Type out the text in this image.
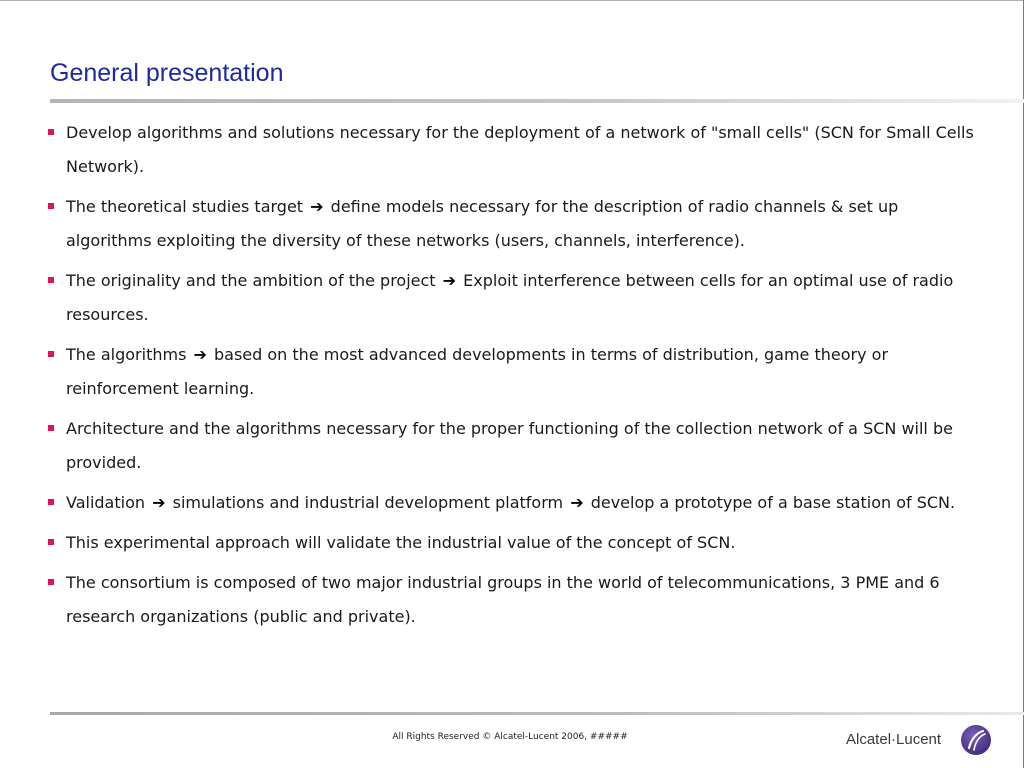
General presentation
Develop algorithms and solutions necessary for the deployment of a network of "small cells" (SCN for Small Cells Network).
The theoretical studies target ➔ define models necessary for the description of radio channels & set up algorithms exploiting the diversity of these networks (users, channels, interference).
The originality and the ambition of the project ➔ Exploit interference between cells for an optimal use of radio resources.
The algorithms ➔ based on the most advanced developments in terms of distribution, game theory or reinforcement learning.
Architecture and the algorithms necessary for the proper functioning of the collection network of a SCN will be provided.
Validation ➔ simulations and industrial development platform ➔ develop a prototype of a base station of SCN.
This experimental approach will validate the industrial value of the concept of SCN.
The consortium is composed of two major industrial groups in the world of telecommunications, 3 PME and 6 research organizations (public and private).
All Rights Reserved © Alcatel-Lucent 2006, #####	Alcatel·Lucent
